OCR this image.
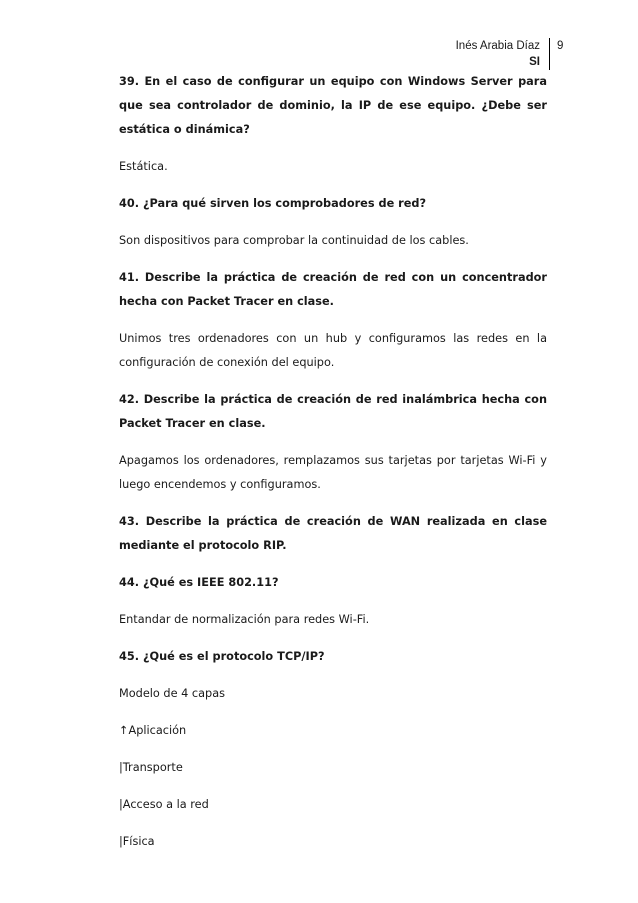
Inés Arabia Díaz
SI
9

39. En el caso de configurar un equipo con Windows Server para que sea controlador de dominio, la IP de ese equipo. ¿Debe ser estática o dinámica?

Estática.

40. ¿Para qué sirven los comprobadores de red?

Son dispositivos para comprobar la continuidad de los cables.

41. Describe la práctica de creación de red con un concentrador hecha con Packet Tracer en clase.

Unimos tres ordenadores con un hub y configuramos las redes en la configuración de conexión del equipo.

42. Describe la práctica de creación de red inalámbrica hecha con Packet Tracer en clase.

Apagamos los ordenadores, remplazamos sus tarjetas por tarjetas Wi-Fi y luego encendemos y configuramos.

43. Describe la práctica de creación de WAN realizada en clase mediante el protocolo RIP.

44. ¿Qué es IEEE 802.11?

Entandar de normalización para redes Wi-Fi.

45. ¿Qué es el protocolo TCP/IP?

Modelo de 4 capas

↑Aplicación

|Transporte

|Acceso a la red

|Física
